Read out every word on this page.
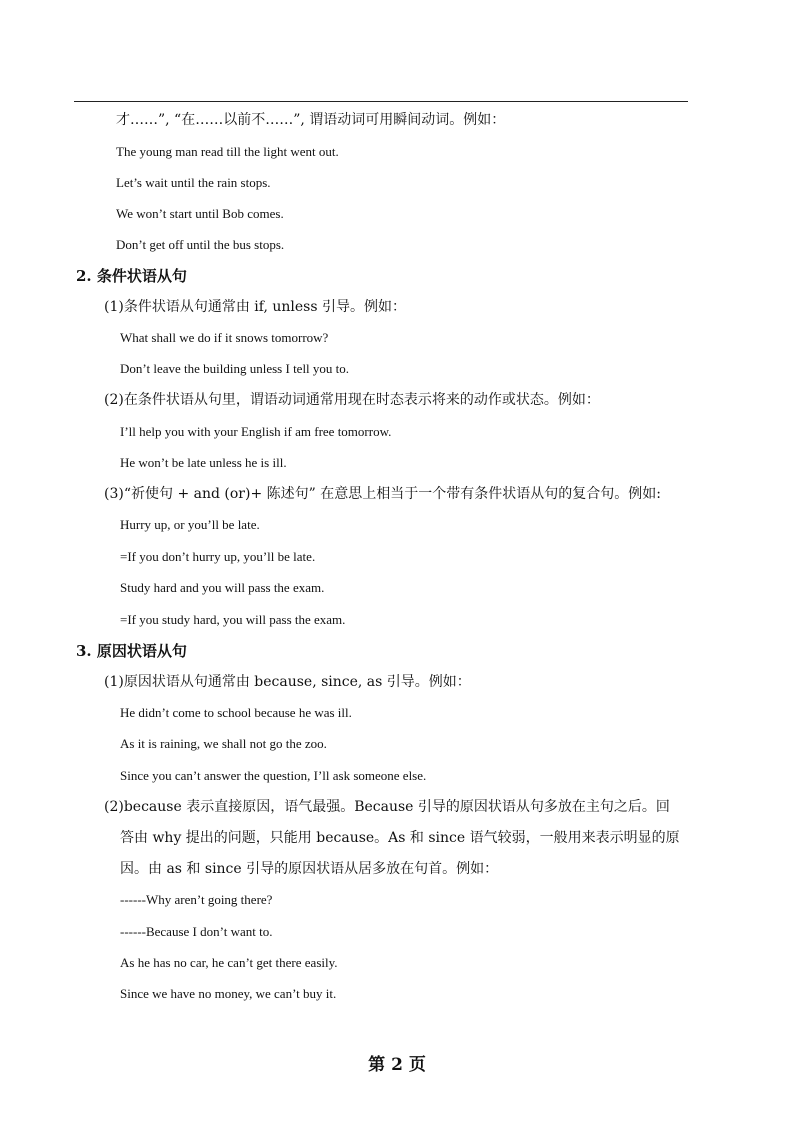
才……”, “在……以前不……”, 谓语动词可用瞬间动词。例如：
The young man read till the light went out.
Let’s wait until the rain stops.
We won’t start until Bob comes.
Don’t get off until the bus stops.
2. 条件状语从句
(1)条件状语从句通常由 if, unless 引导。例如：
What shall we do if it snows tomorrow?
Don’t leave the building unless I tell you to.
(2)在条件状语从句里，谓语动词通常用现在时态表示将来的动作或状态。例如：
I’ll help you with your English if am free tomorrow.
He won’t be late unless he is ill.
(3)“祈使句 + and (or)+ 陈述句” 在意思上相当于一个带有条件状语从句的复合句。例如:
Hurry up, or you’ll be late.
=If you don’t hurry up, you’ll be late.
Study hard and you will pass the exam.
=If you study hard, you will pass the exam.
3. 原因状语从句
(1)原因状语从句通常由 because, since, as 引导。例如：
He didn’t come to school because he was ill.
As it is raining, we shall not go the zoo.
Since you can’t answer the question, I’ll ask someone else.
(2)because 表示直接原因，语气最强。Because 引导的原因状语从句多放在主句之后。回
答由 why 提出的问题，只能用 because。As 和 since 语气较弱，一般用来表示明显的原
因。由 as 和 since 引导的原因状语从居多放在句首。例如：
------Why aren’t going there?
------Because I don’t want to.
As he has no car, he can’t get there easily.
Since we have no money, we can’t buy it.
第 2 页
